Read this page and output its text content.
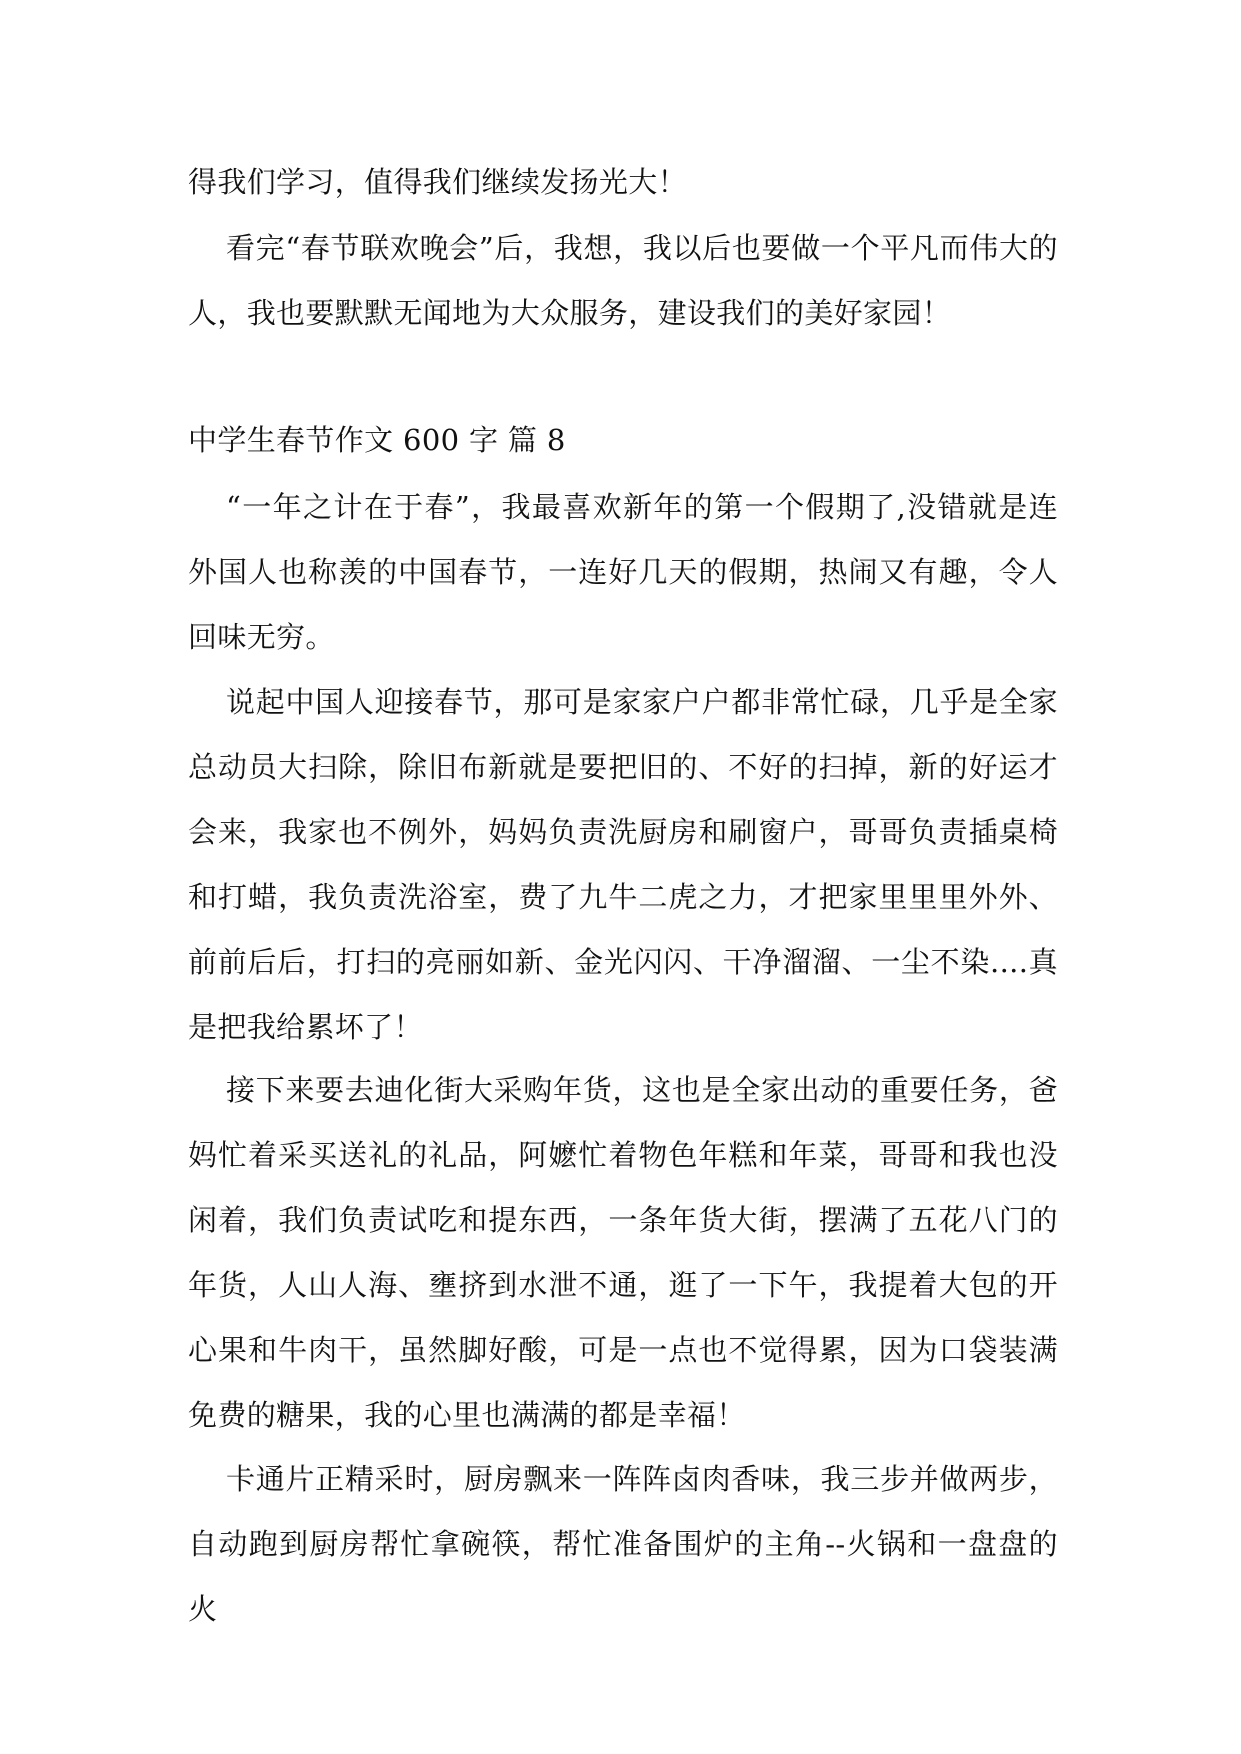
得我们学习，值得我们继续发扬光大！
看完“春节联欢晚会”后，我想，我以后也要做一个平凡而伟大的人，我也要默默无闻地为大众服务，建设我们的美好家园！
中学生春节作文 600 字 篇 8
“一年之计在于春”，我最喜欢新年的第一个假期了,没错就是连外国人也称羡的中国春节，一连好几天的假期，热闹又有趣，令人回味无穷。
说起中国人迎接春节，那可是家家户户都非常忙碌，几乎是全家总动员大扫除，除旧布新就是要把旧的、不好的扫掉，新的好运才会来，我家也不例外，妈妈负责洗厨房和刷窗户，哥哥负责插桌椅和打蜡，我负责洗浴室，费了九牛二虎之力，才把家里里里外外、前前后后，打扫的亮丽如新、金光闪闪、干净溜溜、一尘不染....真是把我给累坏了！
接下来要去迪化街大采购年货，这也是全家出动的重要任务，爸妈忙着采买送礼的礼品，阿嬷忙着物色年糕和年菜，哥哥和我也没闲着，我们负责试吃和提东西，一条年货大街，摆满了五花八门的年货，人山人海、壅挤到水泄不通，逛了一下午，我提着大包的开心果和牛肉干，虽然脚好酸，可是一点也不觉得累，因为口袋装满免费的糖果，我的心里也满满的都是幸福！
卡通片正精采时，厨房飘来一阵阵卤肉香味，我三步并做两步，自动跑到厨房帮忙拿碗筷，帮忙准备围炉的主角--火锅和一盘盘的火
